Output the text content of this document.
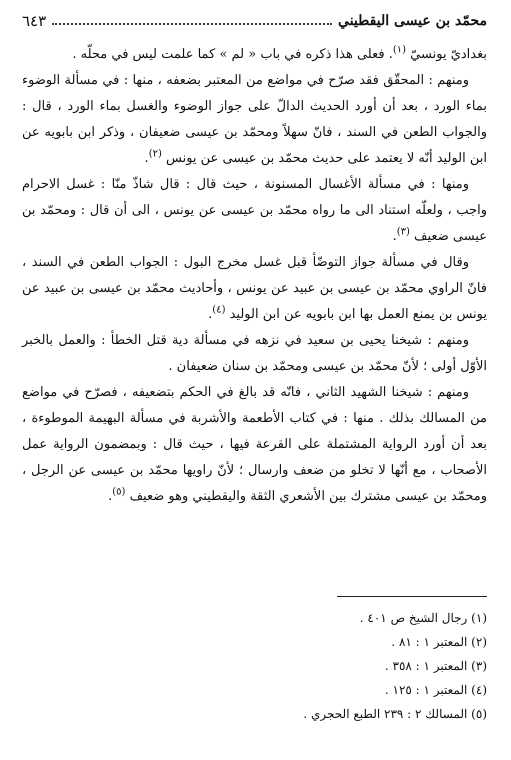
محمّد بن عيسى اليقطيني
٦٤٣

بغداديّ يونسيّ $^{(١)}$. فعلى هذا ذكره في باب « لم » كما علمت ليس في محلّه .

ومنهم : المحقّق فقد صرّح في مواضع من المعتبر بضعفه ، منها : في مسألة الوضوء بماء الورد ، بعد أن أورد الحديث الدالّ على جواز الوضوء والغسل بماء الورد ، قال : والجواب الطعن في السند ، فانّ سهلاً ومحمّد بن عيسى ضعيفان ، وذكر ابن بابويه عن ابن الوليد أنّه لا يعتمد على حديث محمّد بن عيسى عن يونس $^{(٢)}$.

ومنها : في مسألة الأغسال المسنونة ، حيث قال : قال شاذّ منّا : غسل الاحرام واجب ، ولعلّه استناد الى ما رواه محمّد بن عيسى عن يونس ، الى أن قال : ومحمّد بن عيسى ضعيف $^{(٣)}$.

وقال في مسألة جواز التوضّأ قبل غسل مخرج البول : الجواب الطعن في السند ، فانّ الراوي محمّد بن عيسى بن عبيد عن يونس ، وأحاديث محمّد بن عيسى بن عبيد عن يونس بن يمنع العمل بها ابن بابويه عن ابن الوليد $^{(٤)}$.

ومنهم : شيخنا يحيى بن سعيد في نزهه في مسألة دية قتل الخطأ : والعمل بالخبر الأوّل أولى ؛ لأنّ محمّد بن عيسى ومحمّد بن سنان ضعيفان .

ومنهم : شيخنا الشهيد الثاني ، فانّه قد بالغ في الحكم بتضعيفه ، فصرّح في مواضع من المسالك بذلك . منها : في كتاب الأطعمة والأشربة في مسألة البهيمة الموطوءة ، بعد أن أورد الرواية المشتملة على القرعة فيها ، حيث قال : وبمضمون الرواية عمل الأصحاب ، مع أنّها لا تخلو من ضعف وارسال ؛ لأنّ راويها محمّد بن عيسى عن الرجل ، ومحمّد بن عيسى مشترك بين الأشعري الثقة واليقطيني وهو ضعيف $^{(٥)}$.

(١) رجال الشيخ ص ٤٠١ .
(٢) المعتبر ١ : ٨١ .
(٣) المعتبر ١ : ٣٥٨ .
(٤) المعتبر ١ : ١٢٥ .
(٥) المسالك ٢ : ٢٣٩ الطبع الحجري .
